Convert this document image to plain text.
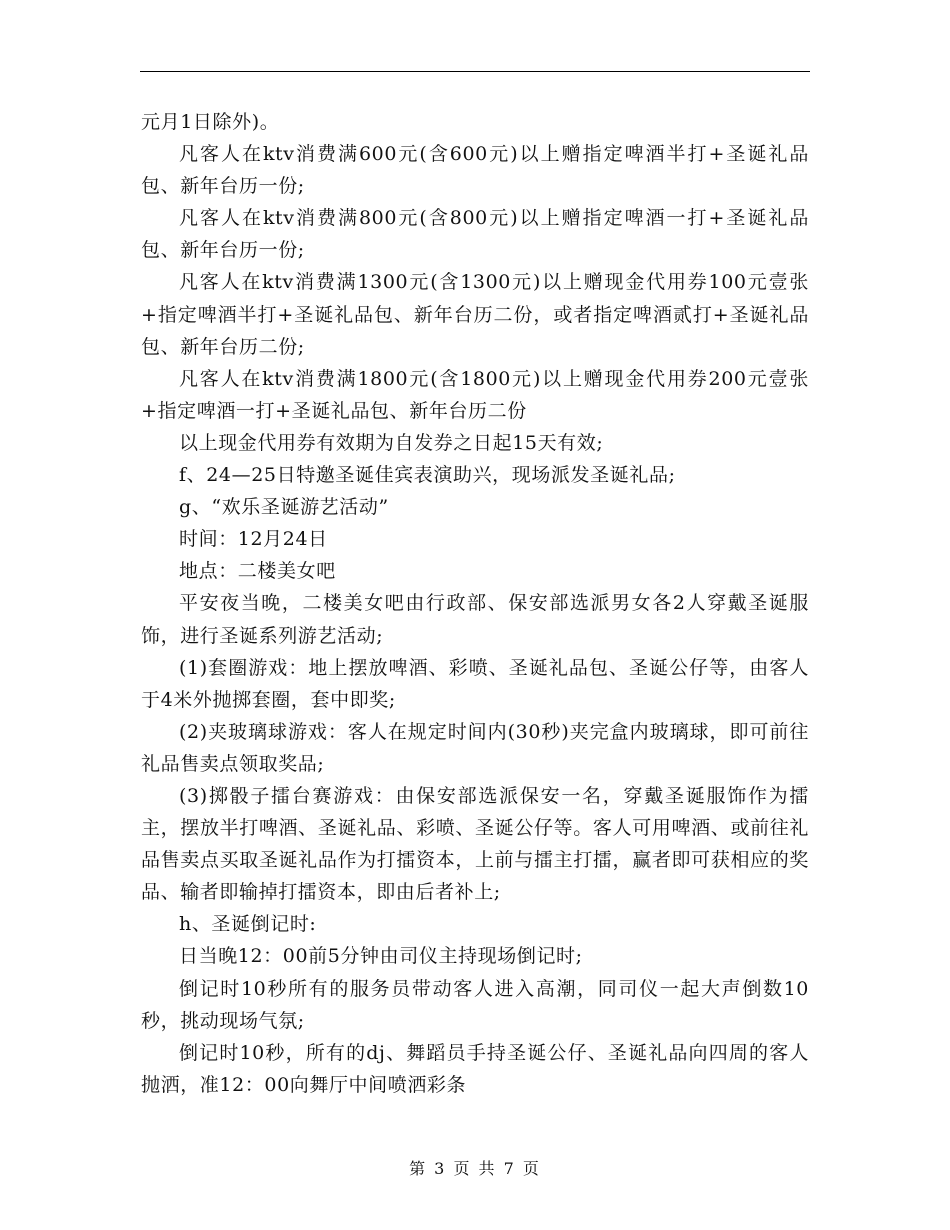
元月1日除外)。

凡客人在ktv消费满600元(含600元)以上赠指定啤酒半打+圣诞礼品包、新年台历一份;

凡客人在ktv消费满800元(含800元)以上赠指定啤酒一打+圣诞礼品包、新年台历一份;

凡客人在ktv消费满1300元(含1300元)以上赠现金代用券100元壹张+指定啤酒半打+圣诞礼品包、新年台历二份，或者指定啤酒贰打+圣诞礼品包、新年台历二份;

凡客人在ktv消费满1800元(含1800元)以上赠现金代用券200元壹张+指定啤酒一打+圣诞礼品包、新年台历二份

以上现金代用券有效期为自发券之日起15天有效;

f、24—25日特邀圣诞佳宾表演助兴，现场派发圣诞礼品;

g、“欢乐圣诞游艺活动”

时间：12月24日

地点：二楼美女吧

平安夜当晚，二楼美女吧由行政部、保安部选派男女各2人穿戴圣诞服饰，进行圣诞系列游艺活动;

(1)套圈游戏：地上摆放啤酒、彩喷、圣诞礼品包、圣诞公仔等，由客人于4米外抛掷套圈，套中即奖;

(2)夹玻璃球游戏：客人在规定时间内(30秒)夹完盒内玻璃球，即可前往礼品售卖点领取奖品;

(3)掷骰子擂台赛游戏：由保安部选派保安一名，穿戴圣诞服饰作为擂主，摆放半打啤酒、圣诞礼品、彩喷、圣诞公仔等。客人可用啤酒、或前往礼品售卖点买取圣诞礼品作为打擂资本，上前与擂主打擂，赢者即可获相应的奖品、输者即输掉打擂资本，即由后者补上;

h、圣诞倒记时:

日当晚12：00前5分钟由司仪主持现场倒记时;

倒记时10秒所有的服务员带动客人进入高潮，同司仪一起大声倒数10秒，挑动现场气氛;

倒记时10秒，所有的dj、舞蹈员手持圣诞公仔、圣诞礼品向四周的客人抛洒，准12：00向舞厅中间喷洒彩条

第 3 页 共 7 页
